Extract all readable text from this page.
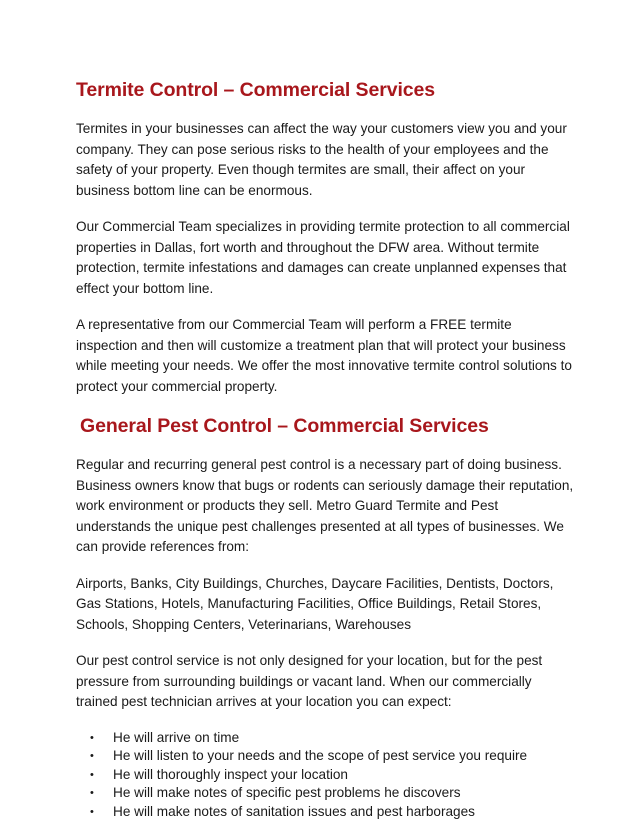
Termite Control – Commercial Services

Termites in your businesses can affect the way your customers view you and your company. They can pose serious risks to the health of your employees and the safety of your property. Even though termites are small, their affect on your business bottom line can be enormous.

Our Commercial Team specializes in providing termite protection to all commercial properties in Dallas, fort worth and throughout the DFW area. Without termite protection, termite infestations and damages can create unplanned expenses that effect your bottom line.

A representative from our Commercial Team will perform a FREE termite inspection and then will customize a treatment plan that will protect your business while meeting your needs. We offer the most innovative termite control solutions to protect your commercial property.

General Pest Control – Commercial Services

Regular and recurring general pest control is a necessary part of doing business. Business owners know that bugs or rodents can seriously damage their reputation, work environment or products they sell. Metro Guard Termite and Pest understands the unique pest challenges presented at all types of businesses. We can provide references from:

Airports, Banks, City Buildings, Churches, Daycare Facilities, Dentists, Doctors, Gas Stations, Hotels, Manufacturing Facilities, Office Buildings, Retail Stores, Schools, Shopping Centers, Veterinarians, Warehouses

Our pest control service is not only designed for your location, but for the pest pressure from surrounding buildings or vacant land. When our commercially trained pest technician arrives at your location you can expect:

• He will arrive on time
• He will listen to your needs and the scope of pest service you require
• He will thoroughly inspect your location
• He will make notes of specific pest problems he discovers
• He will make notes of sanitation issues and pest harborages
